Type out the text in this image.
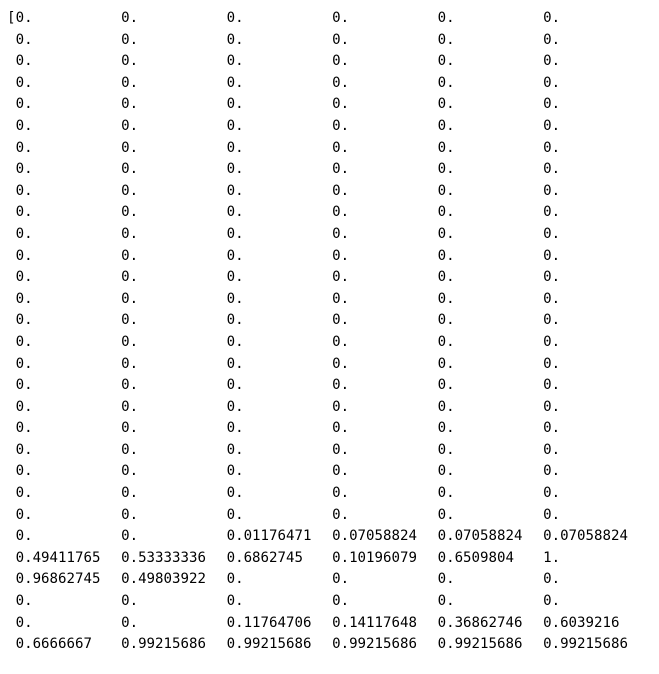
[0.	0.	0.	0.	0.	0.
0.	0.	0.	0.	0.	0.
0.	0.	0.	0.	0.	0.
0.	0.	0.	0.	0.	0.
0.	0.	0.	0.	0.	0.
0.	0.	0.	0.	0.	0.
0.	0.	0.	0.	0.	0.
0.	0.	0.	0.	0.	0.
0.	0.	0.	0.	0.	0.
0.	0.	0.	0.	0.	0.
0.	0.	0.	0.	0.	0.
0.	0.	0.	0.	0.	0.
0.	0.	0.	0.	0.	0.
0.	0.	0.	0.	0.	0.
0.	0.	0.	0.	0.	0.
0.	0.	0.	0.	0.	0.
0.	0.	0.	0.	0.	0.
0.	0.	0.	0.	0.	0.
0.	0.	0.	0.	0.	0.
0.	0.	0.	0.	0.	0.
0.	0.	0.	0.	0.	0.
0.	0.	0.	0.	0.	0.
0.	0.	0.	0.	0.	0.
0.	0.	0.	0.	0.	0.
0.	0.	0.01176471 0.07058824 0.07058824 0.07058824
0.49411765 0.53333336 0.6862745 0.10196079 0.6509804 1.
0.96862745 0.49803922 0.	0.	0.	0.
0.	0.	0.	0.	0.	0.
0.	0.	0.11764706 0.14117648 0.36862746 0.6039216
0.6666667 0.99215686 0.99215686 0.99215686 0.99215686 0.99215686
